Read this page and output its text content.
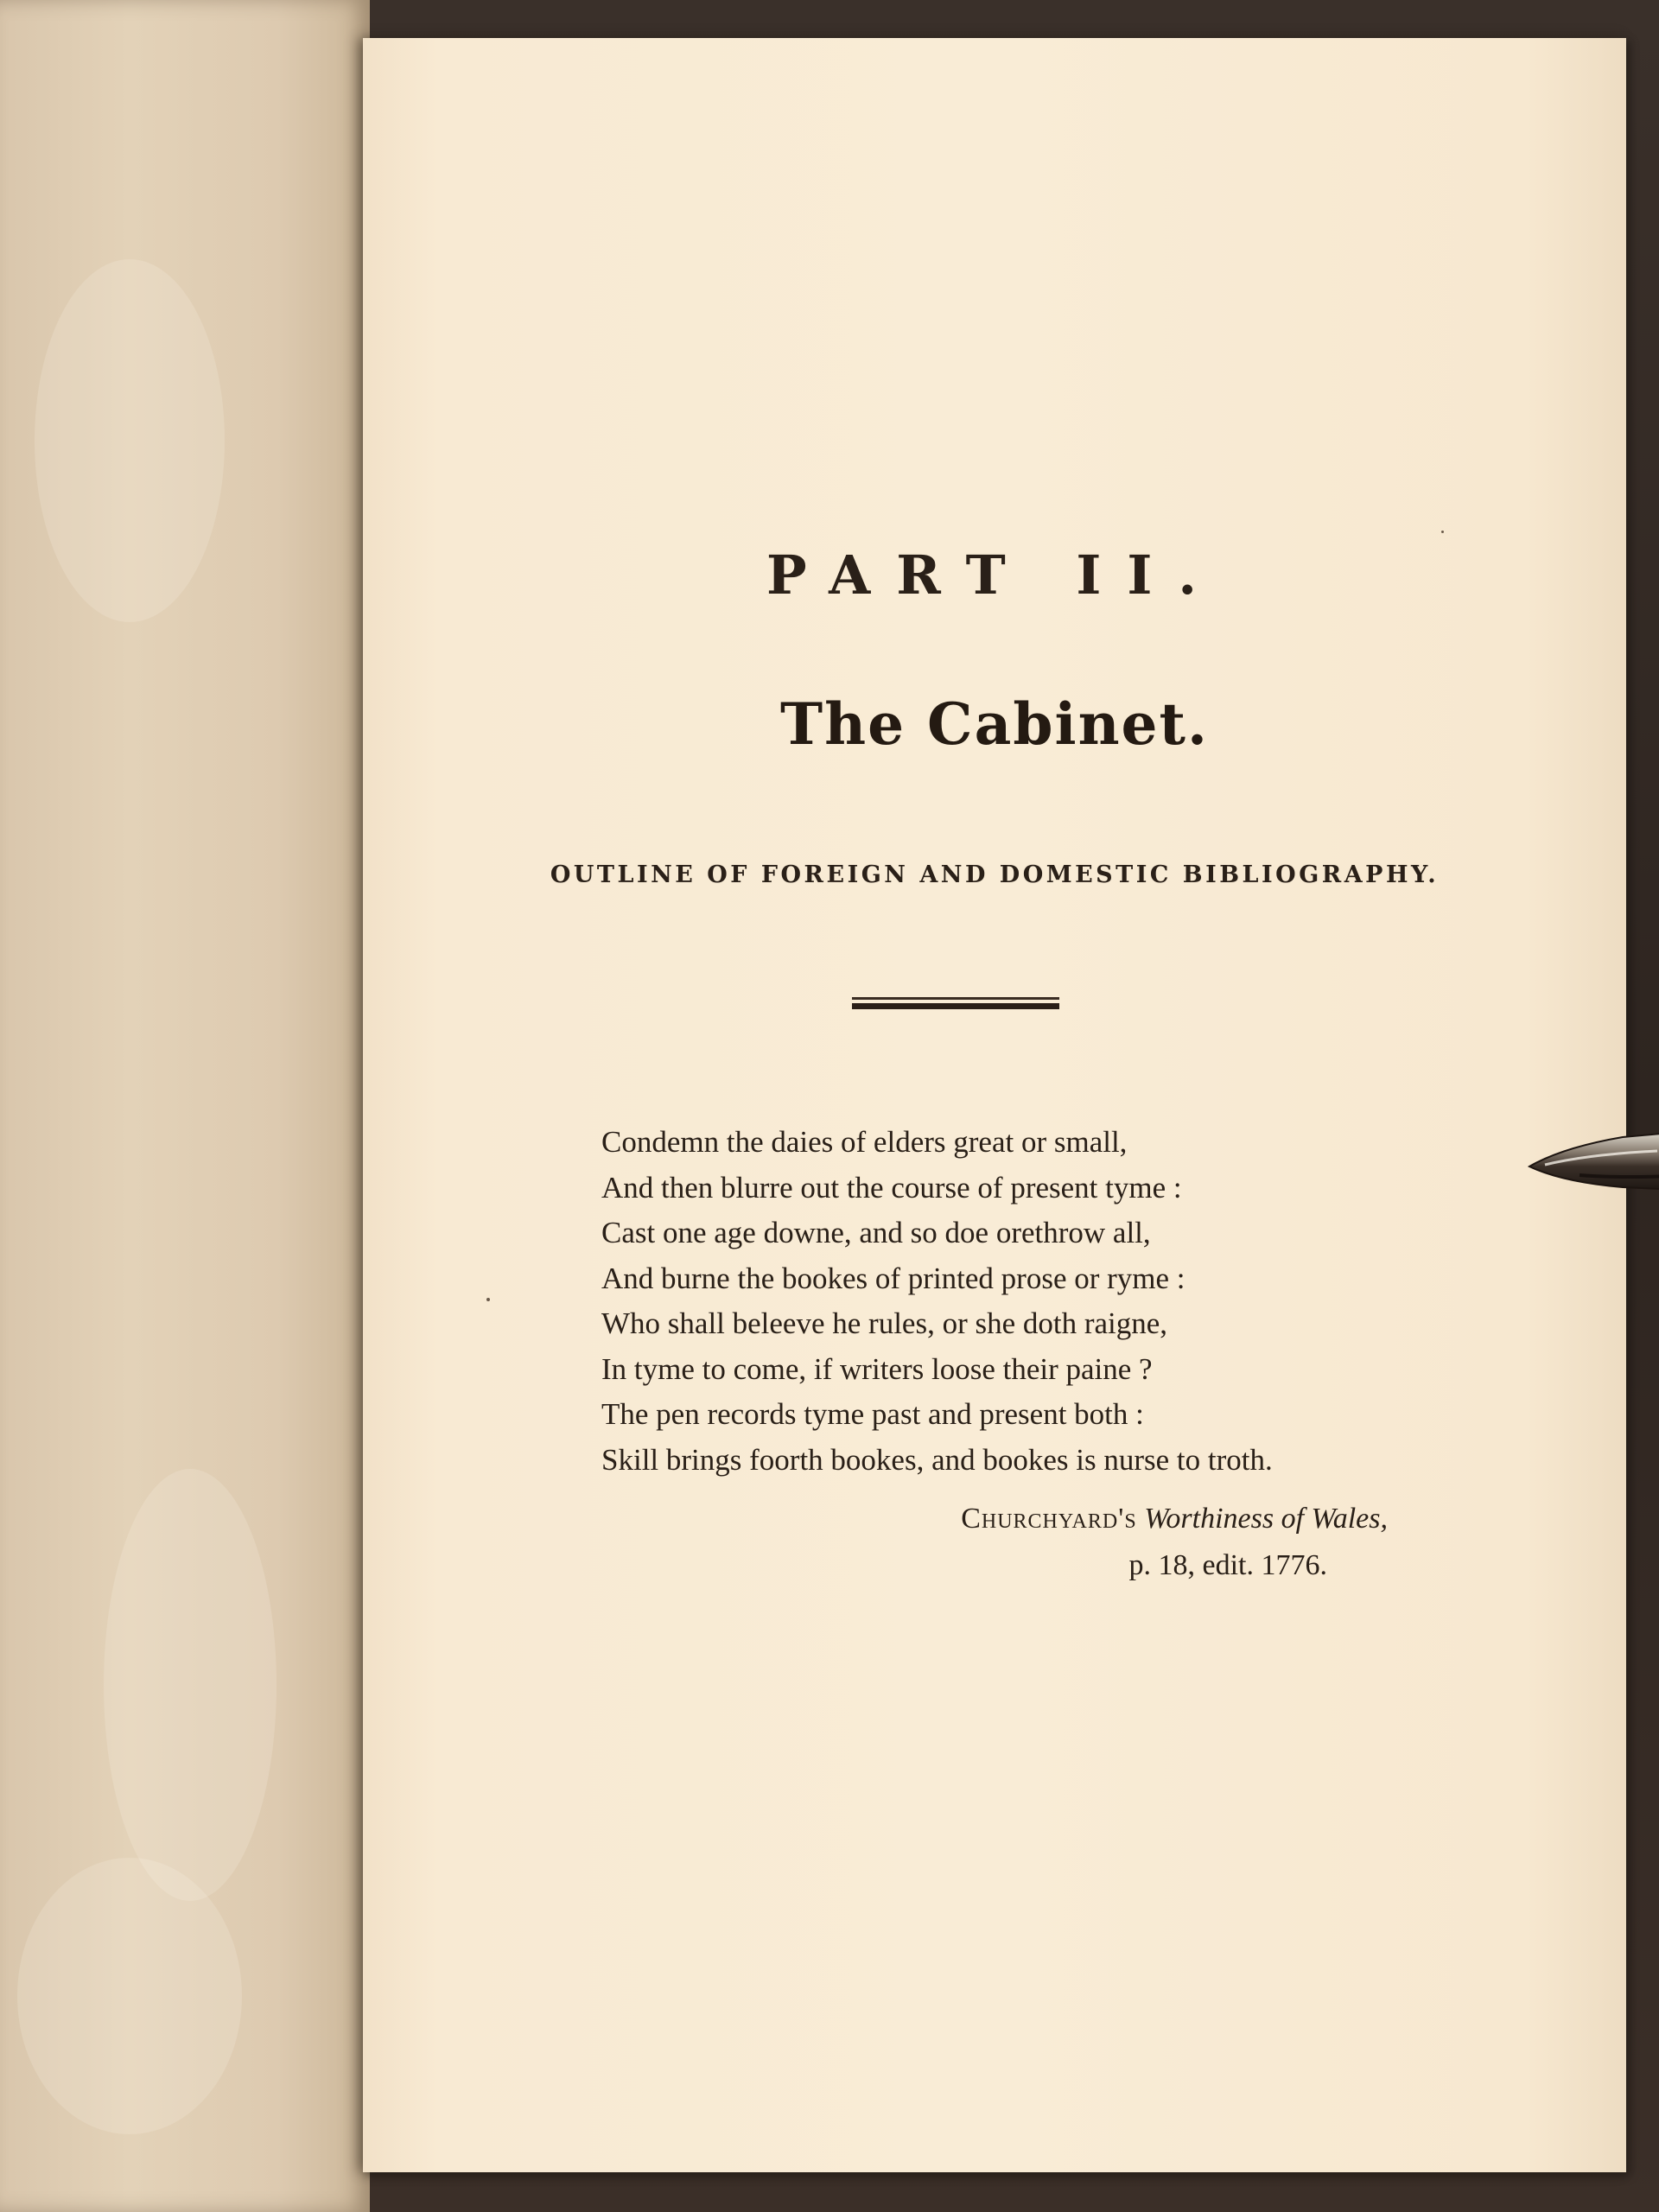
PART II.
The Cabinet.
OUTLINE OF FOREIGN AND DOMESTIC BIBLIOGRAPHY.
Condemn the daies of elders great or small,
And then blurre out the course of present tyme :
Cast one age downe, and so doe orethrow all,
And burne the bookes of printed prose or ryme :
Who shall beleeve he rules, or she doth raigne,
In tyme to come, if writers loose their paine ?
The pen records tyme past and present both :
Skill brings foorth bookes, and bookes is nurse to troth.
Churchyard's Worthiness of Wales,
p. 18, edit. 1776.
